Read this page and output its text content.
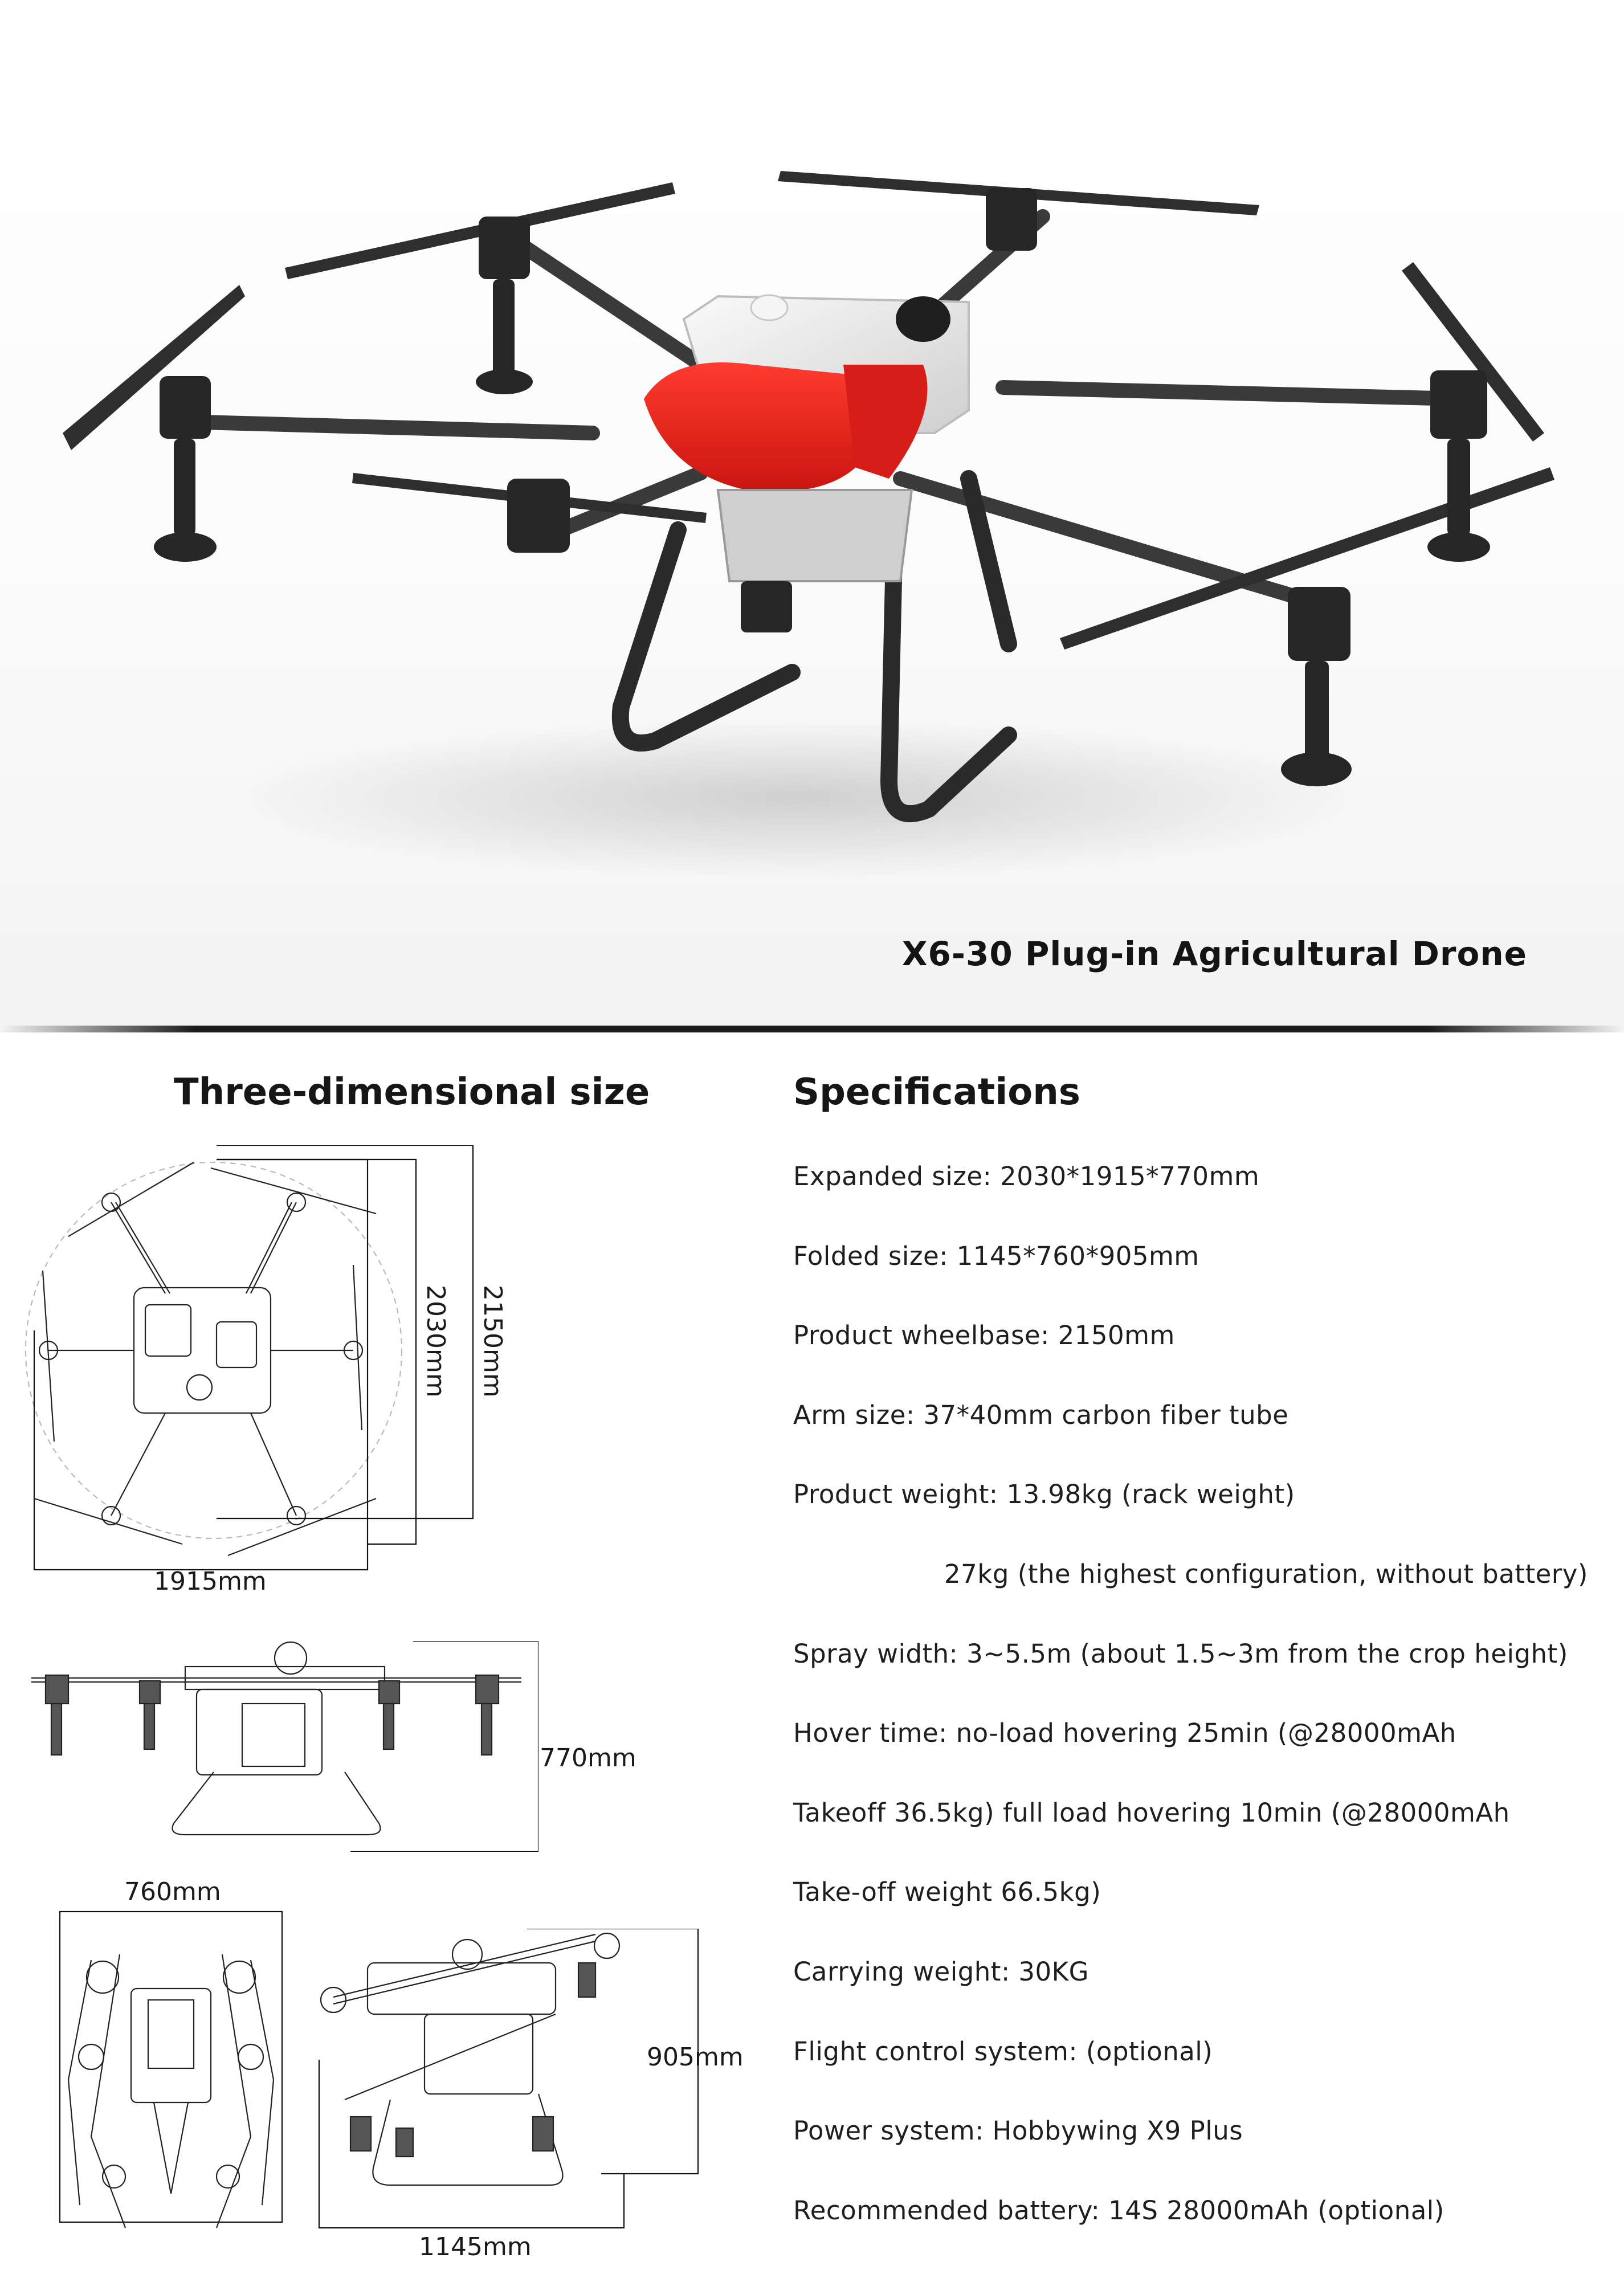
X6-30 Plug-in Agricultural Drone
Three-dimensional size
2030mm 2150mm
1915mm
770mm
760mm
905mm
1145mm
Specifications
Expanded size: 2030*1915*770mm
Folded size: 1145*760*905mm
Product wheelbase: 2150mm
Arm size: 37*40mm carbon fiber tube
Product weight: 13.98kg (rack weight)
27kg (the highest configuration, without battery)
Spray width: 3~5.5m (about 1.5~3m from the crop height)
Hover time: no-load hovering 25min (@28000mAh
Takeoff 36.5kg) full load hovering 10min (@28000mAh
Take-off weight 66.5kg)
Carrying weight: 30KG
Flight control system: (optional)
Power system: Hobbywing X9 Plus
Recommended battery: 14S 28000mAh (optional)
